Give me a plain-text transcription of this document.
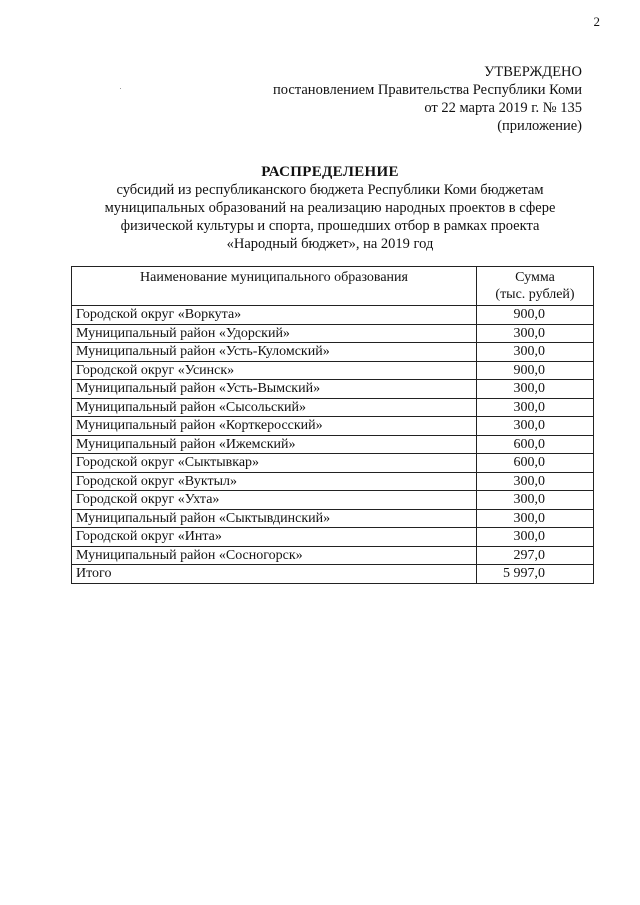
2
УТВЕРЖДЕНО
постановлением Правительства Республики Коми
от 22 марта 2019 г. № 135
(приложение)
РАСПРЕДЕЛЕНИЕ
субсидий из республиканского бюджета Республики Коми бюджетам
муниципальных образований на реализацию народных проектов в сфере
физической культуры и спорта, прошедших отбор в рамках проекта
«Народный бюджет», на 2019 год
Наименование муниципального образования	Сумма
(тыс. рублей)

Городской округ «Воркута»	900,0
Муниципальный район «Удорский»	300,0
Муниципальный район «Усть-Куломский»	300,0
Городской округ «Усинск»	900,0
Муниципальный район «Усть-Вымский»	300,0
Муниципальный район «Сысольский»	300,0
Муниципальный район «Корткеросский»	300,0
Муниципальный район «Ижемский»	600,0
Городской округ «Сыктывкар»	600,0
Городской округ «Вуктыл»	300,0
Городской округ «Ухта»	300,0
Муниципальный район «Сыктывдинский»	300,0
Городской округ «Инта»	300,0
Муниципальный район «Сосногорск»	297,0
Итого	5 997,0
